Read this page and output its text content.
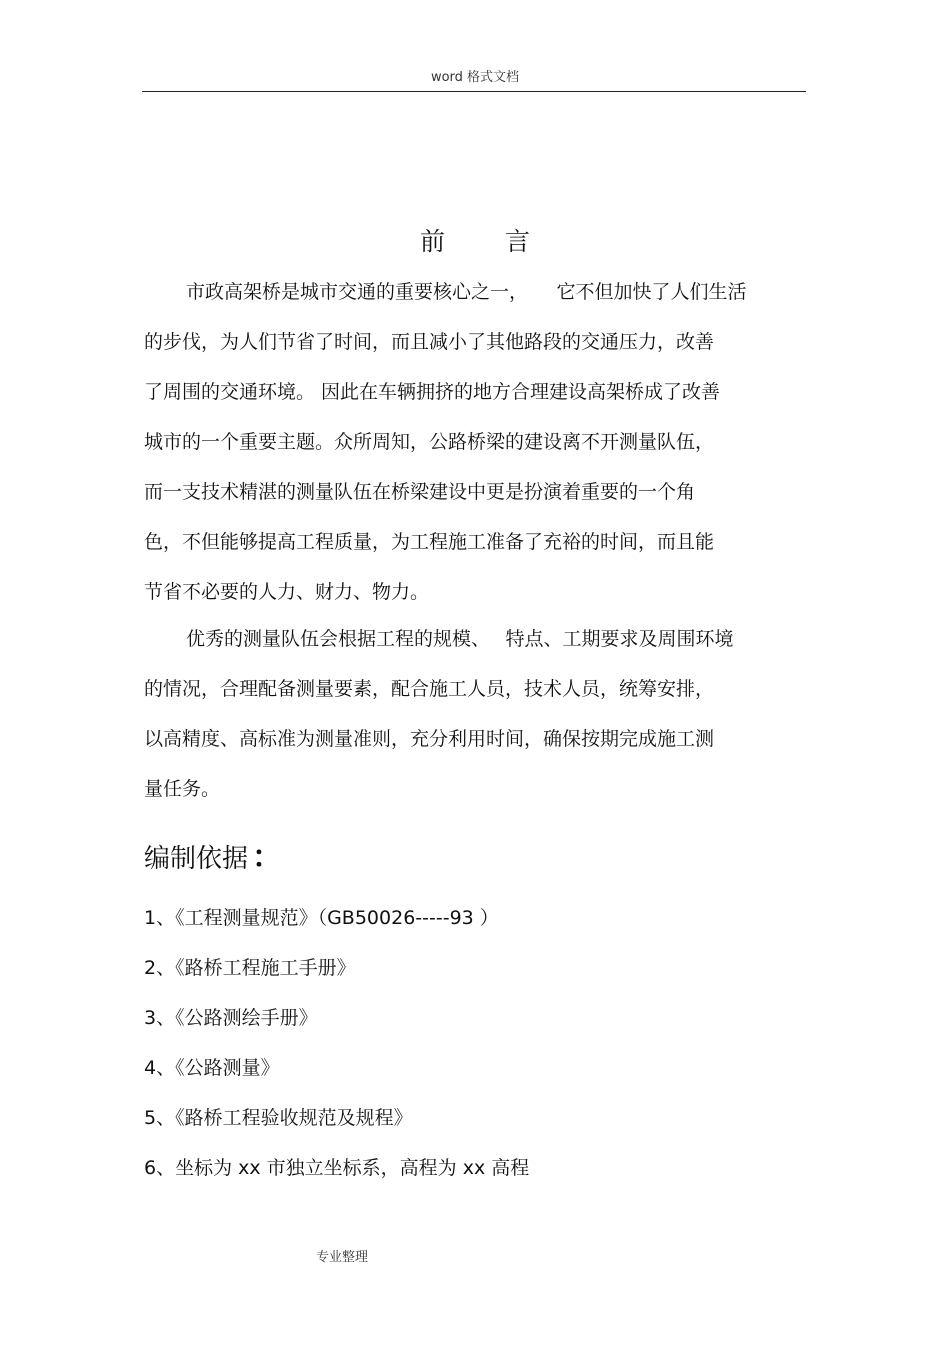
word 格式文档
前言

市政高架桥是城市交通的重要核心之一，　　它不但加快了人们生活
的步伐，为人们节省了时间，而且减小了其他路段的交通压力，改善
了周围的交通环境。 因此在车辆拥挤的地方合理建设高架桥成了改善
城市的一个重要主题。众所周知，公路桥梁的建设离不开测量队伍，
而一支技术精湛的测量队伍在桥梁建设中更是扮演着重要的一个角
色，不但能够提高工程质量，为工程施工准备了充裕的时间，而且能
节省不必要的人力、财力、物力。

优秀的测量队伍会根据工程的规模、　 特点、工期要求及周围环境
的情况，合理配备测量要素，配合施工人员，技术人员，统筹安排，
以高精度、高标准为测量准则，充分利用时间，确保按期完成施工测
量任务。

编制依据 ：
1、《工程测量规范》（GB50026-----93 ）
2、《路桥工程施工手册》
3、《公路测绘手册》
4、《公路测量》
5、《路桥工程验收规范及规程》
6、坐标为 xx 市独立坐标系，高程为 xx 高程
专业整理
